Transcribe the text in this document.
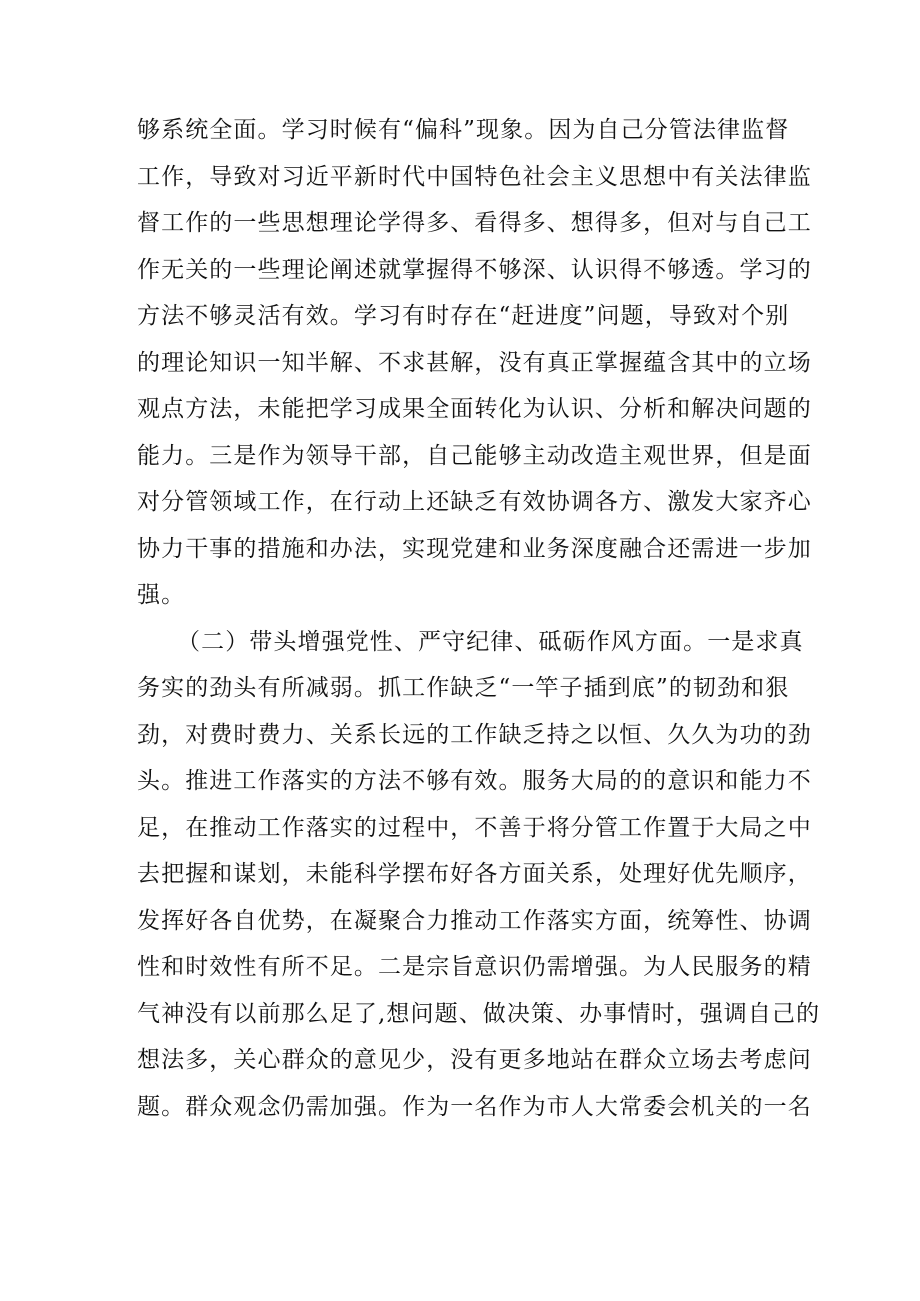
够系统全面。学习时候有“偏科”现象。因为自己分管法律监督
工作，导致对习近平新时代中国特色社会主义思想中有关法律监
督工作的一些思想理论学得多、看得多、想得多，但对与自己工
作无关的一些理论阐述就掌握得不够深、认识得不够透。学习的
方法不够灵活有效。学习有时存在“赶进度”问题，导致对个别
的理论知识一知半解、不求甚解，没有真正掌握蕴含其中的立场
观点方法，未能把学习成果全面转化为认识、分析和解决问题的
能力。三是作为领导干部，自己能够主动改造主观世界，但是面
对分管领域工作，在行动上还缺乏有效协调各方、激发大家齐心
协力干事的措施和办法，实现党建和业务深度融合还需进一步加
强。
（二）带头增强党性、严守纪律、砥砺作风方面。一是求真
务实的劲头有所减弱。抓工作缺乏“一竿子插到底”的韧劲和狠
劲，对费时费力、关系长远的工作缺乏持之以恒、久久为功的劲
头。推进工作落实的方法不够有效。服务大局的的意识和能力不
足，在推动工作落实的过程中，不善于将分管工作置于大局之中
去把握和谋划，未能科学摆布好各方面关系，处理好优先顺序，
发挥好各自优势，在凝聚合力推动工作落实方面，统筹性、协调
性和时效性有所不足。二是宗旨意识仍需增强。为人民服务的精
气神没有以前那么足了,想问题、做决策、办事情时，强调自己的
想法多，关心群众的意见少，没有更多地站在群众立场去考虑问
题。群众观念仍需加强。作为一名作为市人大常委会机关的一名
